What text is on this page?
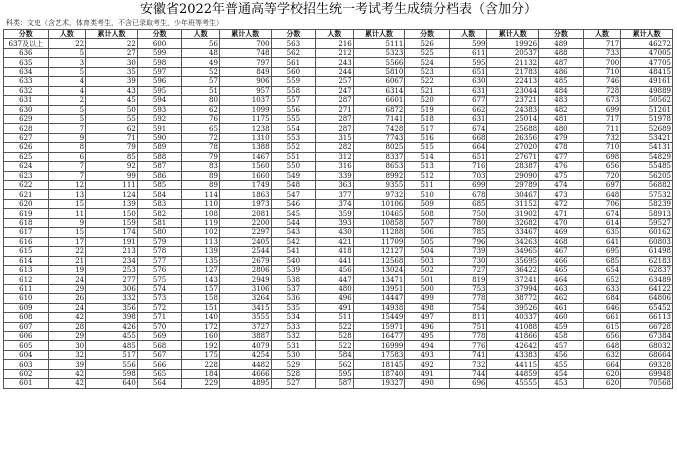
安徽省2022年普通高等学校招生统一考试考生成绩分档表（含加分）
科类：文史（含艺术、体育类考生，不含已录取考生，少年班等考生）
分数	人数	累计人数	分数	人数	累计人数	分数	人数	累计人数	分数	人数	累计人数	分数	人数	累计人数
637及以上	22	22	600	56	700	563	216	5111	526	599	19926	489	717	46272
636	5	27	599	48	748	562	212	5323	525	611	20537	488	733	47005
635	3	30	598	49	797	561	243	5566	524	595	21132	487	700	47705
634	5	35	597	52	849	560	244	5810	523	651	21783	486	710	48415
633	4	39	596	57	906	559	257	6067	522	630	22413	485	746	49161
632	4	43	595	51	957	558	247	6314	521	631	23044	484	728	49889
631	2	45	594	80	1037	557	287	6601	520	677	23721	483	673	50562
630	5	50	593	62	1099	556	271	6872	519	662	24383	482	699	51261
629	5	55	592	76	1175	555	287	7141	518	631	25014	481	717	51978
628	7	62	591	65	1238	554	287	7428	517	674	25688	480	711	52689
627	9	71	590	72	1310	553	315	7743	516	668	26356	479	732	53421
626	8	79	589	78	1388	552	282	8025	515	664	27020	478	710	54131
625	6	85	588	79	1467	551	312	8337	514	651	27671	477	698	54829
624	7	92	587	83	1560	550	316	8653	513	716	28387	476	656	55485
623	7	99	586	89	1660	549	339	8992	512	703	29090	475	720	56205
622	12	111	585	89	1749	548	363	9355	511	699	29789	474	697	56882
621	13	124	584	114	1863	547	377	9732	510	678	30467	473	648	57532
620	15	139	583	110	1973	546	374	10106	509	685	31152	472	706	58239
619	11	150	582	108	2081	545	359	10465	508	750	31902	471	674	58913
618	9	159	581	119	2200	544	393	10858	507	780	32682	470	614	59527
617	15	174	580	102	2297	543	430	11288	506	785	33467	469	635	60162
616	17	191	579	113	2405	542	421	11709	505	796	34263	468	641	60803
615	22	213	578	139	2544	541	418	12127	504	739	34965	467	695	61498
614	21	234	577	135	2679	540	441	12568	503	730	35695	466	685	62183
613	19	253	576	127	2806	539	456	13024	502	727	36422	465	654	62837
612	24	277	575	143	2949	538	447	13471	501	819	37241	464	652	63489
611	29	306	574	157	3106	537	480	13951	500	753	37994	463	633	64122
610	26	332	573	158	3264	536	496	14447	499	778	38772	462	684	64806
609	24	356	572	151	3415	535	491	14938	498	754	39526	461	646	65452
608	42	398	571	140	3555	534	511	15449	497	811	40337	460	661	66113
607	28	426	570	172	3727	533	522	15971	496	751	41088	459	615	66728
606	29	455	569	160	3887	532	528	16477	495	778	41866	458	656	67384
605	30	485	568	192	4079	531	522	16999	494	776	42642	457	648	68032
604	32	517	567	175	4254	530	584	17583	493	741	43383	456	632	68664
603	39	556	566	228	4482	529	562	18145	492	732	44115	455	664	69328
602	42	598	565	184	4666	528	595	18740	491	744	44859	454	620	69948
601	42	640	564	229	4895	527	587	19327	490	696	45555	453	620	70568
